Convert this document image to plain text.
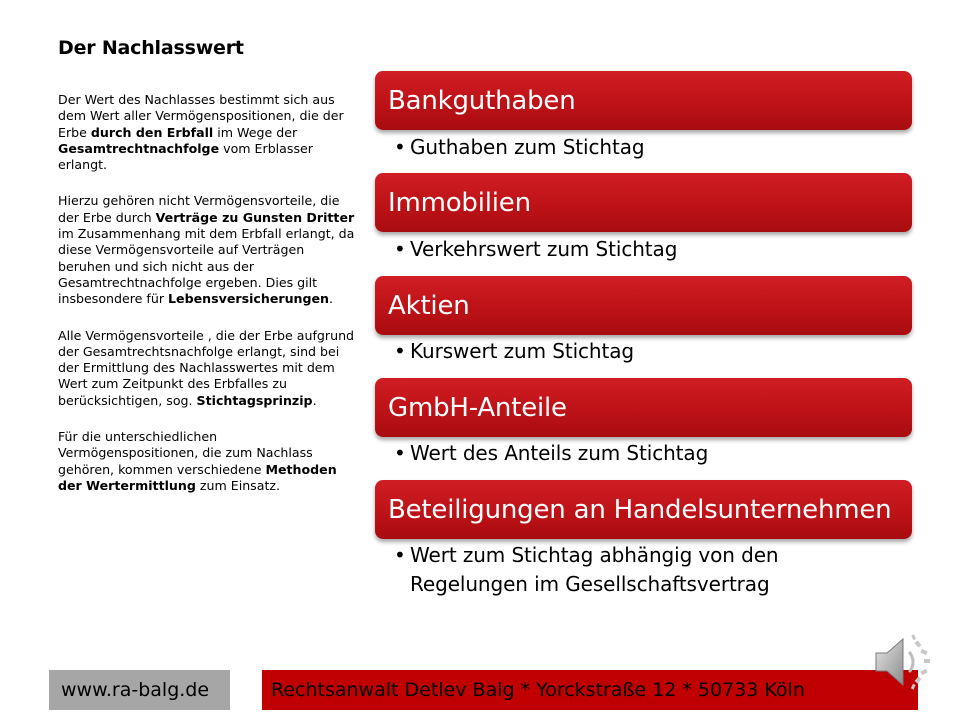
Der Nachlasswert

Der Wert des Nachlasses bestimmt sich aus dem Wert aller Vermögenspositionen, die der Erbe durch den Erbfall im Wege der Gesamtrechtnachfolge vom Erblasser erlangt.

Hierzu gehören nicht Vermögensvorteile, die der Erbe durch Verträge zu Gunsten Dritter im Zusammenhang mit dem Erbfall erlangt, da diese Vermögensvorteile auf Verträgen beruhen und sich nicht aus der Gesamtrechtnachfolge ergeben. Dies gilt insbesondere für Lebensversicherungen.

Alle Vermögensvorteile , die der Erbe aufgrund der Gesamtrechtsnachfolge erlangt, sind bei der Ermittlung des Nachlasswertes mit dem Wert zum Zeitpunkt des Erbfalles zu berücksichtigen, sog. Stichtagsprinzip.

Für die unterschiedlichen Vermögenspositionen, die zum Nachlass gehören, kommen verschiedene Methoden der Wertermittlung zum Einsatz.

Bankguthaben
• Guthaben zum Stichtag
Immobilien
• Verkehrswert zum Stichtag
Aktien
• Kurswert zum Stichtag
GmbH-Anteile
• Wert des Anteils zum Stichtag
Beteiligungen an Handelsunternehmen
• Wert zum Stichtag abhängig von den
Regelungen im Gesellschaftsvertrag
www.ra-balg.de	Rechtsanwalt Detlev Balg * Yorckstraße 12 * 50733 Köln
